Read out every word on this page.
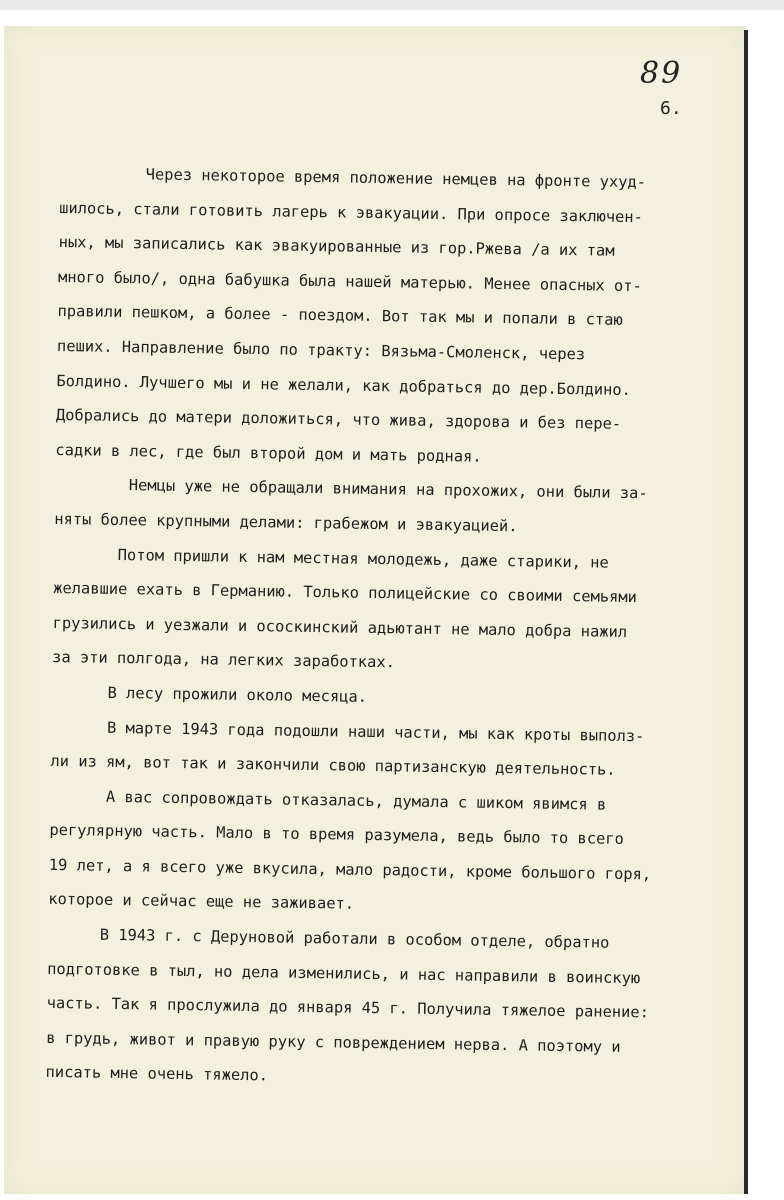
89
6.
Через некоторое время положение немцев на фронте ухуд-
шилось, стали готовить лагерь к эвакуации. При опросе заключен-
ных, мы записались как эвакуированные из гор.Ржева /а их там
много было/, одна бабушка была нашей матерью. Менее опасных от-
правили пешком, а более - поездом. Вот так мы и попали в стаю
пеших. Направление было по тракту: Вязьма-Смоленск, через
Болдино. Лучшего мы и не желали, как добраться до дер.Болдино.
Добрались до матери доложиться, что жива, здорова и без пере-
садки в лес, где был второй дом и мать родная.
Немцы уже не обращали внимания на прохожих, они были за-
няты более крупными делами: грабежом и эвакуацией.
Потом пришли к нам местная молодежь, даже старики, не
желавшие ехать в Германию. Только полицейские со своими семьями
грузились и уезжали и ососкинский адьютант не мало добра нажил
за эти полгода, на легких заработках.
В лесу прожили около месяца.
В марте 1943 года подошли наши части, мы как кроты выполз-
ли из ям, вот так и закончили свою партизанскую деятельность.
А вас сопровождать отказалась, думала с шиком явимся в
регулярную часть. Мало в то время разумела, ведь было то всего
19 лет, а я всего уже вкусила, мало радости, кроме большого горя,
которое и сейчас еще не заживает.
В 1943 г. с Деруновой работали в особом отделе, обратно
подготовке в тыл, но дела изменились, и нас направили в воинскую
часть. Так я прослужила до января 45 г. Получила тяжелое ранение:
в грудь, живот и правую руку с повреждением нерва. А поэтому и
писать мне очень тяжело.
